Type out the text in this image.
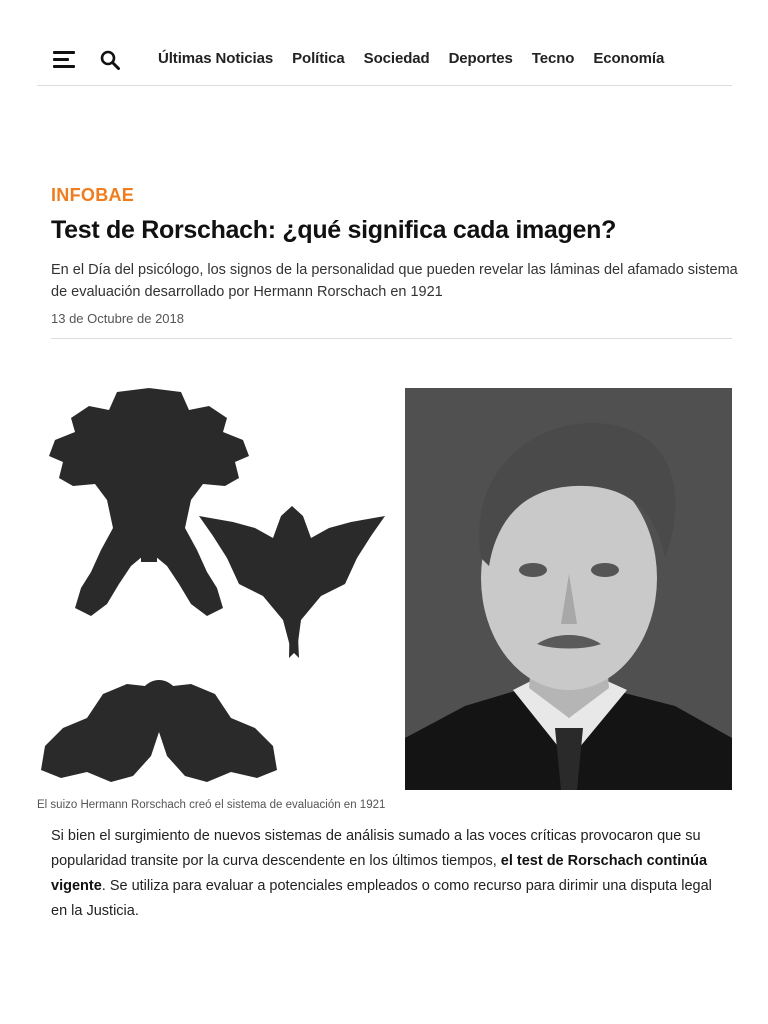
Últimas Noticias Política Sociedad Deportes Tecno Economía
INFOBAE
Test de Rorschach: ¿qué significa cada imagen?

En el Día del psicólogo, los signos de la personalidad que pueden revelar las láminas del afamado sistema de evaluación desarrollado por Hermann Rorschach en 1921

13 de Octubre de 2018
El suizo Hermann Rorschach creó el sistema de evaluación en 1921

Si bien el surgimiento de nuevos sistemas de análisis sumado a las voces críticas provocaron que su popularidad transite por la curva descendente en los últimos tiempos, el test de Rorschach continúa vigente. Se utiliza para evaluar a potenciales empleados o como recurso para dirimir una disputa legal en la Justicia.
